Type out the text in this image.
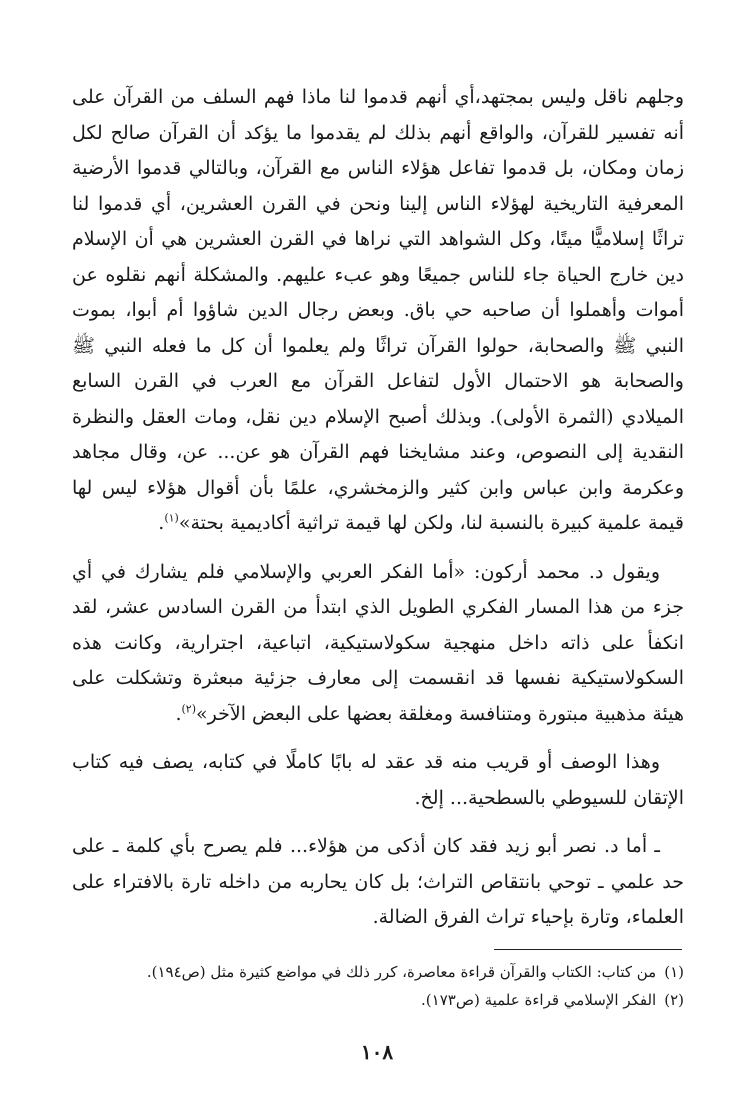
وجلهم ناقل وليس بمجتهد،أي أنهم قدموا لنا ماذا فهم السلف من القرآن على أنه تفسير للقرآن، والواقع أنهم بذلك لم يقدموا ما يؤكد أن القرآن صالح لكل زمان ومكان، بل قدموا تفاعل هؤلاء الناس مع القرآن، وبالتالي قدموا الأرضية المعرفية التاريخية لهؤلاء الناس إلينا ونحن في القرن العشرين، أي قدموا لنا تراثًا إسلاميًّا ميتًا، وكل الشواهد التي نراها في القرن العشرين هي أن الإسلام دين خارج الحياة جاء للناس جميعًا وهو عبء عليهم. والمشكلة أنهم نقلوه عن أموات وأهملوا أن صاحبه حي باق. وبعض رجال الدين شاؤوا أم أبوا، بموت النبي ﷺ والصحابة، حولوا القرآن تراثًا ولم يعلموا أن كل ما فعله النبي ﷺ والصحابة هو الاحتمال الأول لتفاعل القرآن مع العرب في القرن السابع الميلادي (الثمرة الأولى). وبذلك أصبح الإسلام دين نقل، ومات العقل والنظرة النقدية إلى النصوص، وعند مشايخنا فهم القرآن هو عن... عن، وقال مجاهد وعكرمة وابن عباس وابن كثير والزمخشري، علمًا بأن أقوال هؤلاء ليس لها قيمة علمية كبيرة بالنسبة لنا، ولكن لها قيمة تراثية أكاديمية بحتة»$^{(١)}$.

ويقول د. محمد أركون: «أما الفكر العربي والإسلامي فلم يشارك في أي جزء من هذا المسار الفكري الطويل الذي ابتدأ من القرن السادس عشر، لقد انكفأ على ذاته داخل منهجية سكولاستيكية، اتباعية، اجترارية، وكانت هذه السكولاستيكية نفسها قد انقسمت إلى معارف جزئية مبعثرة وتشكلت على هيئة مذهبية مبتورة ومتنافسة ومغلقة بعضها على البعض الآخر»$^{(٢)}$.

وهذا الوصف أو قريب منه قد عقد له بابًا كاملًا في كتابه، يصف فيه كتاب الإتقان للسيوطي بالسطحية... إلخ.

ـ أما د. نصر أبو زيد فقد كان أذكى من هؤلاء... فلم يصرح بأي كلمة ـ على حد علمي ـ توحي بانتقاص التراث؛ بل كان يحاربه من داخله تارة بالافتراء على العلماء، وتارة بإحياء تراث الفرق الضالة.

(١)من كتاب: الكتاب والقرآن قراءة معاصرة، كرر ذلك في مواضع كثيرة مثل (ص١٩٤).

(٢)الفكر الإسلامي قراءة علمية (ص١٧٣).

١٠٨
